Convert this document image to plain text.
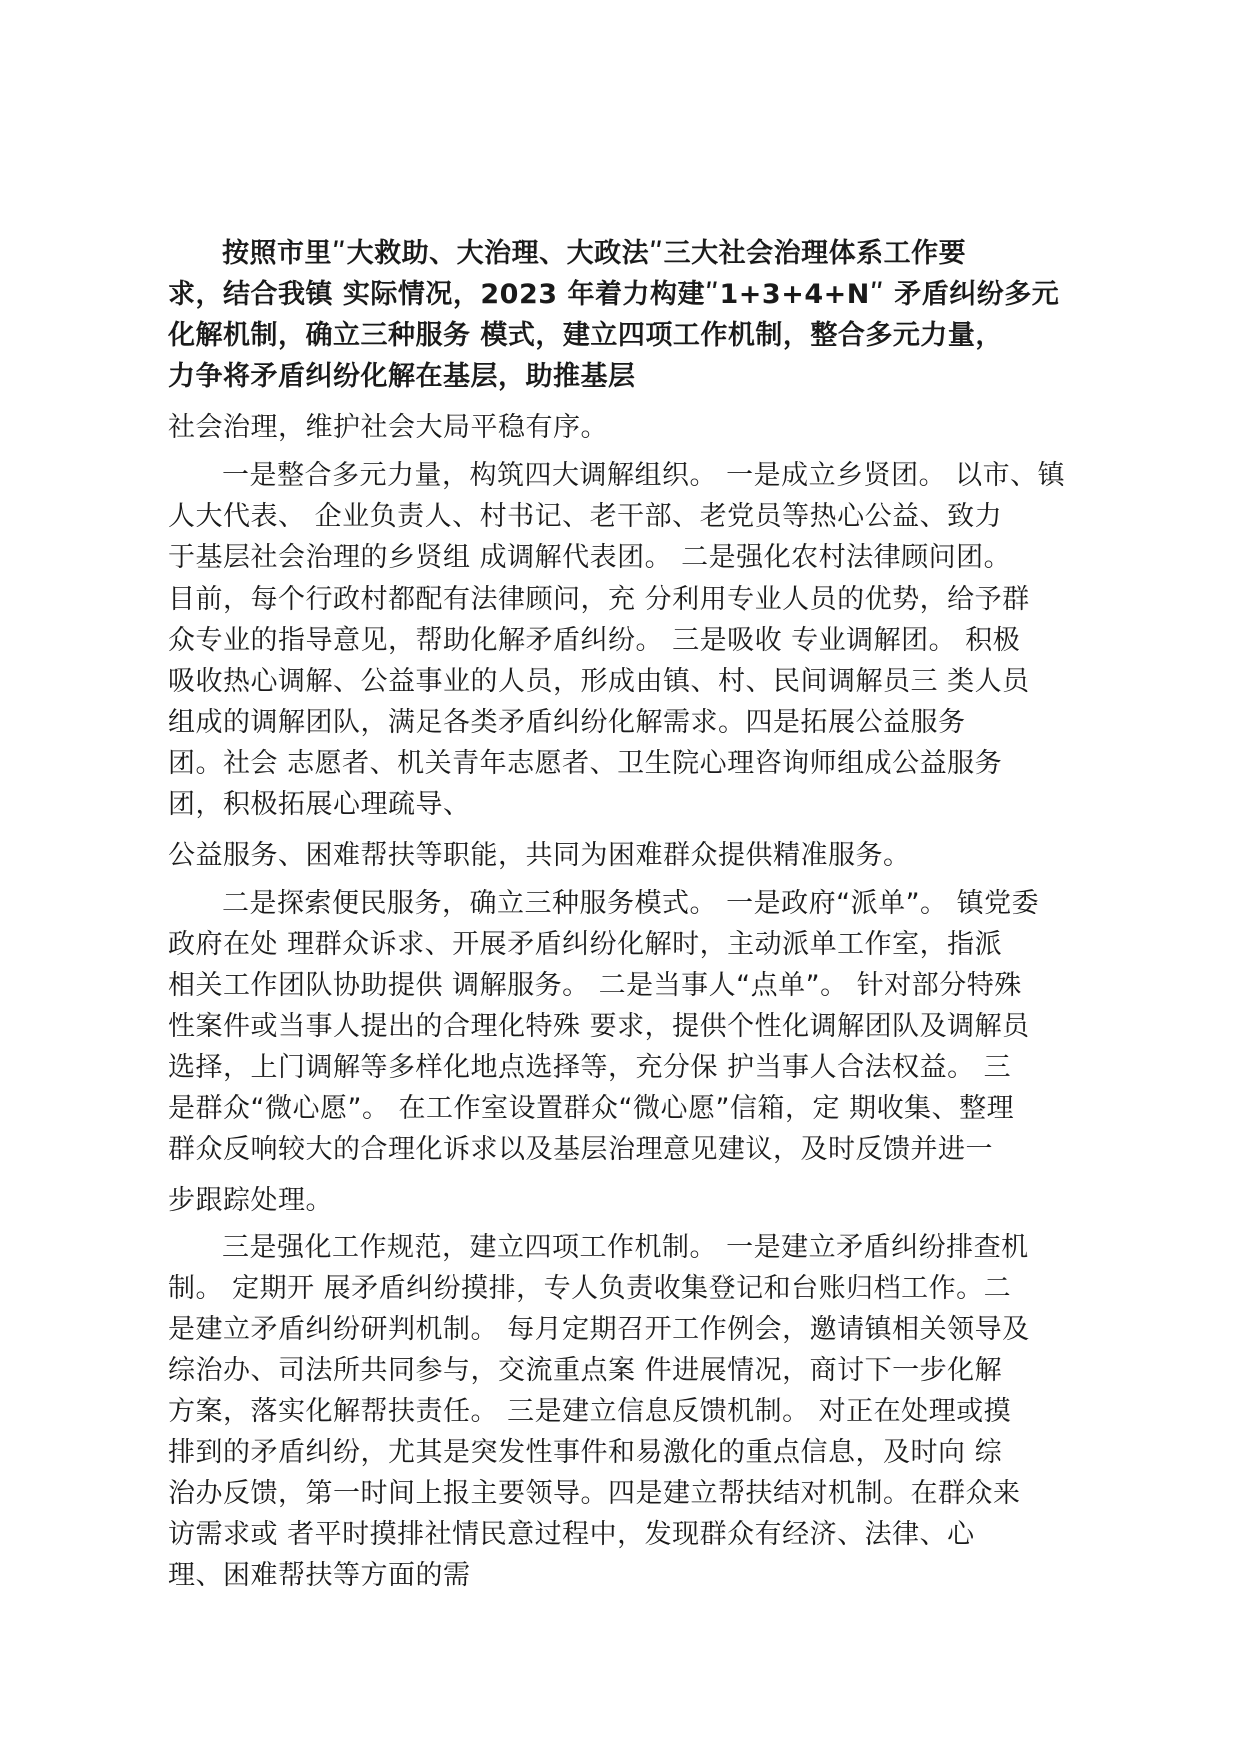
按照市里ʺ大救助、大治理、大政法ʺ三大社会治理体系工作要
求，结合我镇 实际情况，2023 年着力构建ʺ1+3+4+Nʺ 矛盾纠纷多元
化解机制，确立三种服务 模式，建立四项工作机制，整合多元力量，
力争将矛盾纠纷化解在基层，助推基层
社会治理，维护社会大局平稳有序。
一是整合多元力量，构筑四大调解组织。 一是成立乡贤团。 以市、镇
人大代表、 企业负责人、村书记、老干部、老党员等热心公益、致力
于基层社会治理的乡贤组 成调解代表团。 二是强化农村法律顾问团。
目前，每个行政村都配有法律顾问，充 分利用专业人员的优势，给予群
众专业的指导意见，帮助化解矛盾纠纷。 三是吸收 专业调解团。 积极
吸收热心调解、公益事业的人员，形成由镇、村、民间调解员三 类人员
组成的调解团队，满足各类矛盾纠纷化解需求。四是拓展公益服务
团。社会 志愿者、机关青年志愿者、卫生院心理咨询师组成公益服务
团，积极拓展心理疏导、
公益服务、困难帮扶等职能，共同为困难群众提供精准服务。
二是探索便民服务，确立三种服务模式。 一是政府“派单”。 镇党委
政府在处 理群众诉求、开展矛盾纠纷化解时，主动派单工作室，指派
相关工作团队协助提供 调解服务。 二是当事人“点单”。 针对部分特殊
性案件或当事人提出的合理化特殊 要求，提供个性化调解团队及调解员
选择，上门调解等多样化地点选择等，充分保 护当事人合法权益。 三
是群众“微心愿”。 在工作室设置群众“微心愿”信箱，定 期收集、整理
群众反响较大的合理化诉求以及基层治理意见建议，及时反馈并进一
步跟踪处理。
三是强化工作规范，建立四项工作机制。 一是建立矛盾纠纷排查机
制。 定期开 展矛盾纠纷摸排，专人负责收集登记和台账归档工作。二
是建立矛盾纠纷研判机制。 每月定期召开工作例会，邀请镇相关领导及
综治办、司法所共同参与，交流重点案 件进展情况，商讨下一步化解
方案，落实化解帮扶责任。 三是建立信息反馈机制。 对正在处理或摸
排到的矛盾纠纷，尤其是突发性事件和易激化的重点信息，及时向 综
治办反馈，第一时间上报主要领导。四是建立帮扶结对机制。在群众来
访需求或 者平时摸排社情民意过程中，发现群众有经济、法律、心
理、困难帮扶等方面的需
